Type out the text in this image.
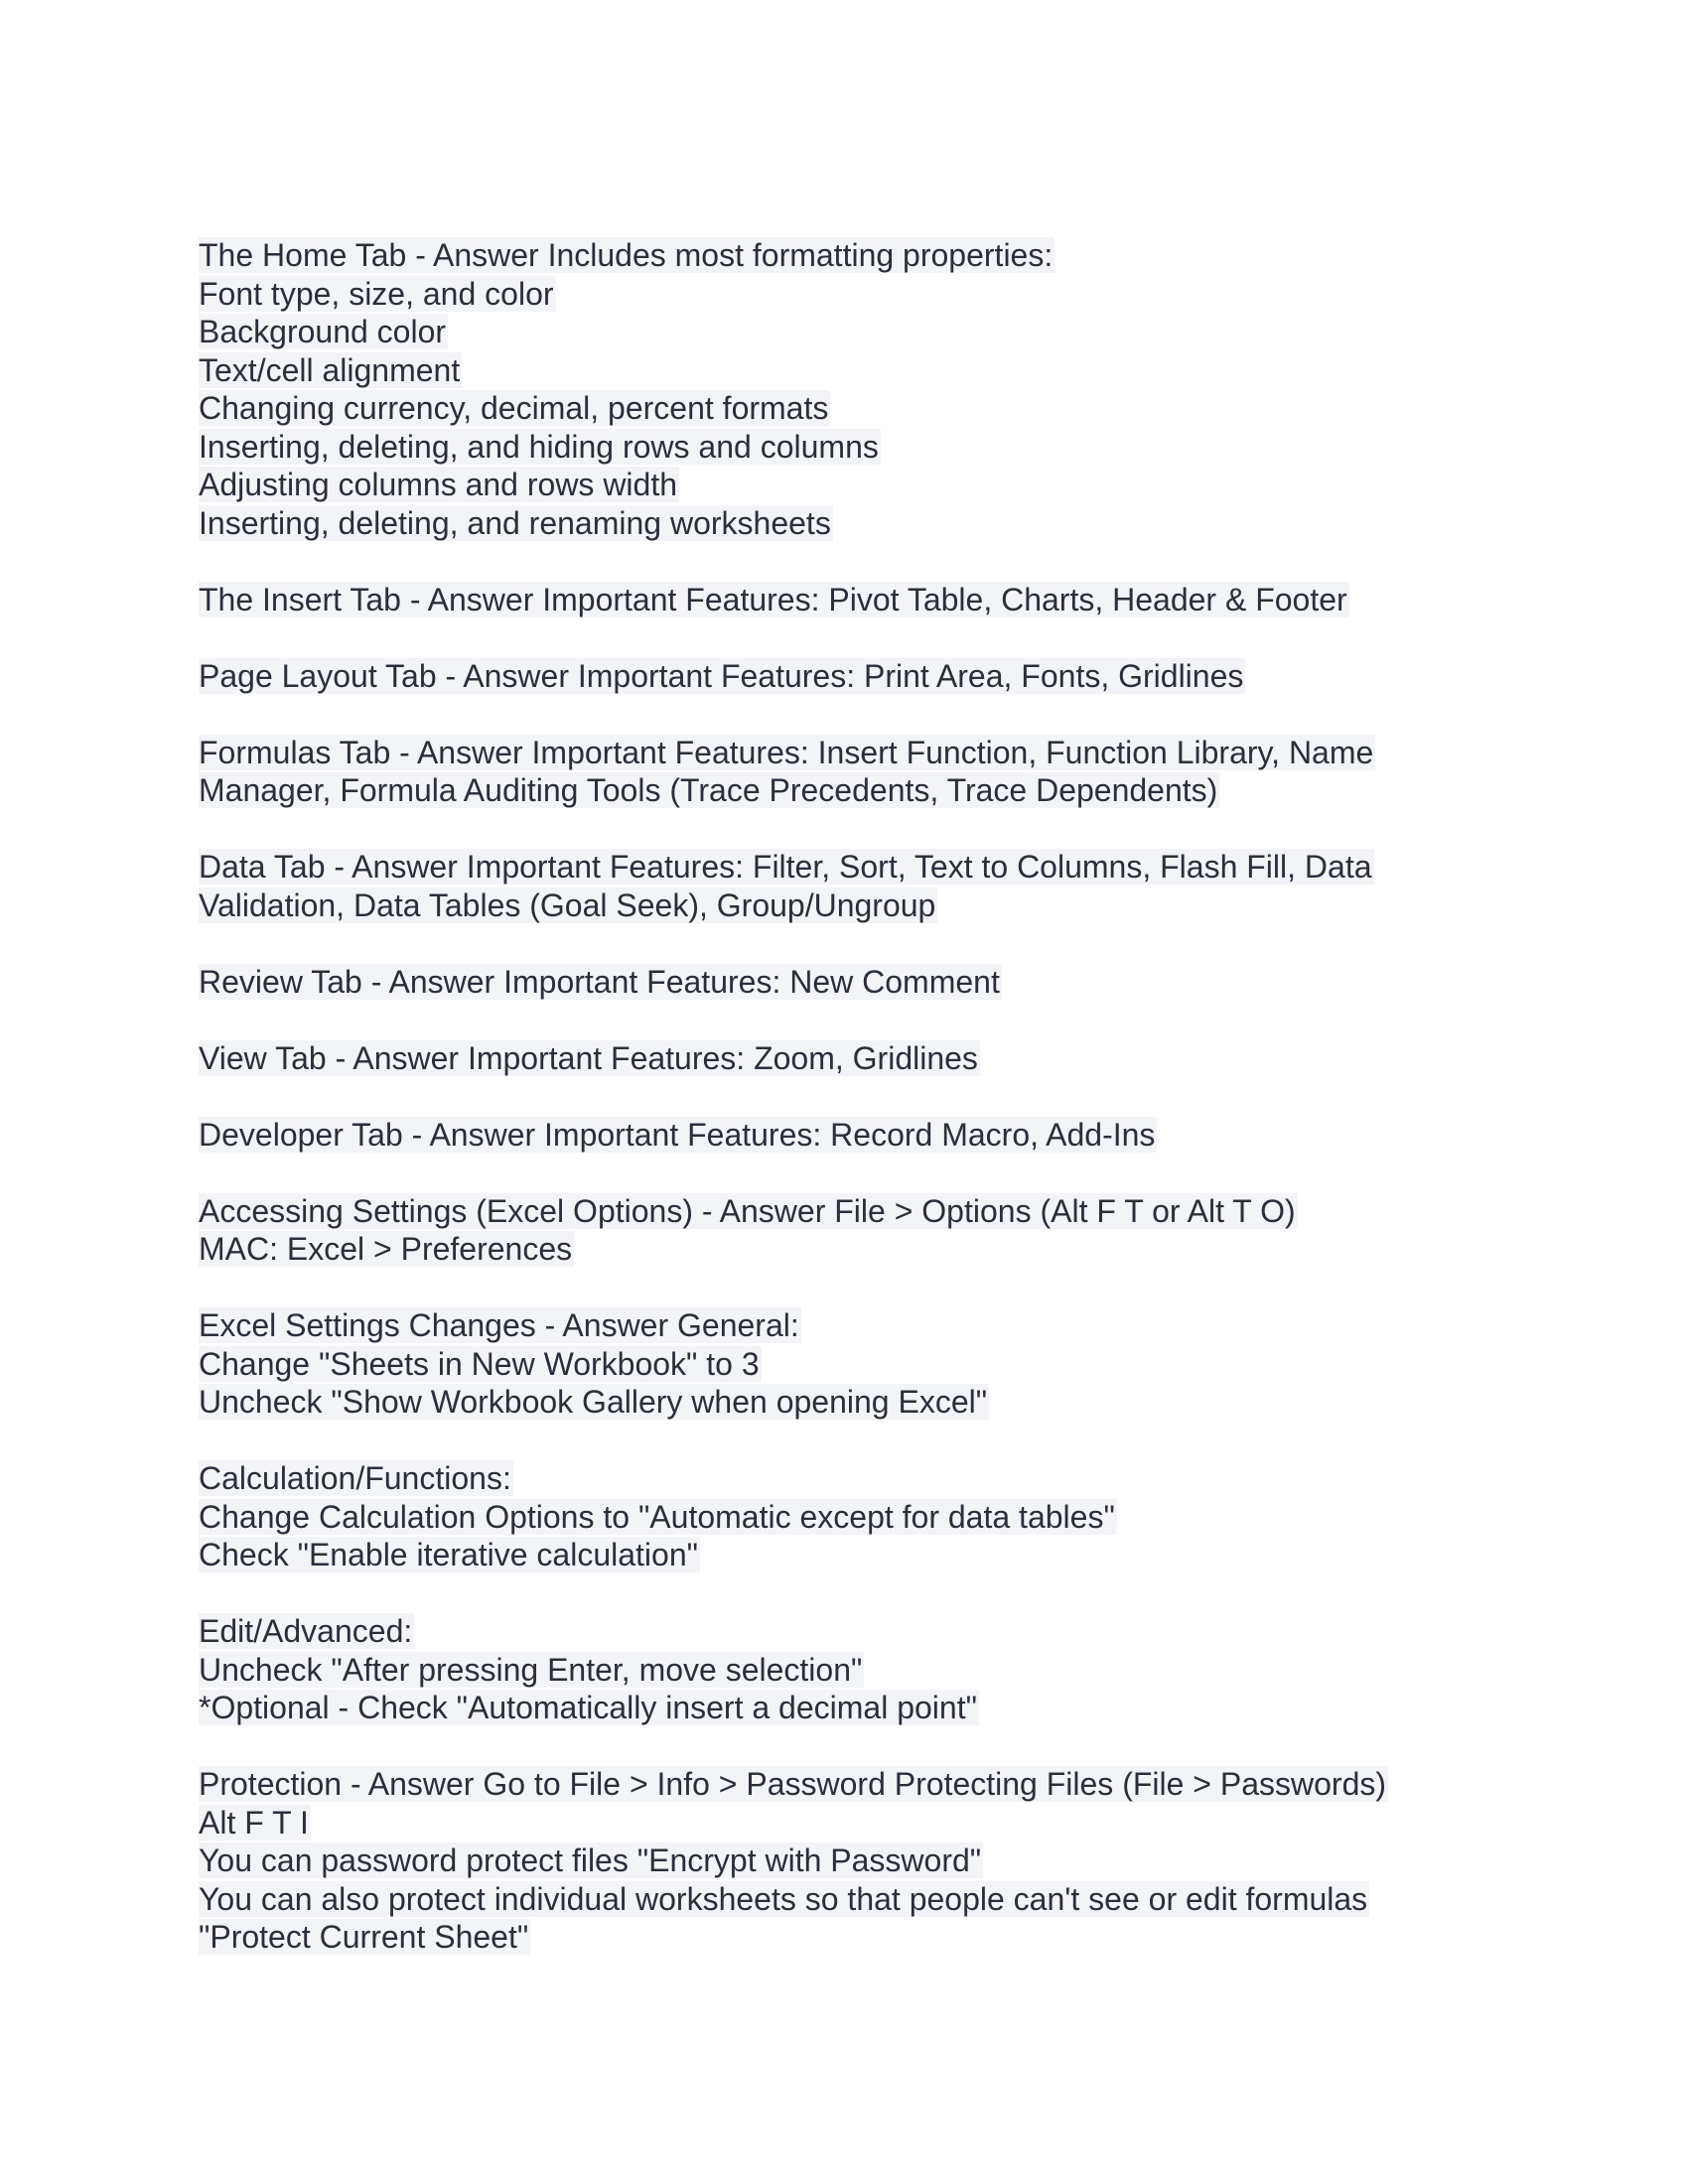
The Home Tab - Answer Includes most formatting properties:
Font type, size, and color
Background color
Text/cell alignment
Changing currency, decimal, percent formats
Inserting, deleting, and hiding rows and columns
Adjusting columns and rows width
Inserting, deleting, and renaming worksheets
The Insert Tab - Answer Important Features: Pivot Table, Charts, Header & Footer
Page Layout Tab - Answer Important Features: Print Area, Fonts, Gridlines
Formulas Tab - Answer Important Features: Insert Function, Function Library, Name
Manager, Formula Auditing Tools (Trace Precedents, Trace Dependents)
Data Tab - Answer Important Features: Filter, Sort, Text to Columns, Flash Fill, Data
Validation, Data Tables (Goal Seek), Group/Ungroup
Review Tab - Answer Important Features: New Comment
View Tab - Answer Important Features: Zoom, Gridlines
Developer Tab - Answer Important Features: Record Macro, Add-Ins
Accessing Settings (Excel Options) - Answer File > Options (Alt F T or Alt T O)
MAC: Excel > Preferences
Excel Settings Changes - Answer General:
Change "Sheets in New Workbook" to 3
Uncheck "Show Workbook Gallery when opening Excel"
Calculation/Functions:
Change Calculation Options to "Automatic except for data tables"
Check "Enable iterative calculation"
Edit/Advanced:
Uncheck "After pressing Enter, move selection"
*Optional - Check "Automatically insert a decimal point"
Protection - Answer Go to File > Info > Password Protecting Files (File > Passwords)
Alt F T I
You can password protect files "Encrypt with Password"
You can also protect individual worksheets so that people can't see or edit formulas
"Protect Current Sheet"
